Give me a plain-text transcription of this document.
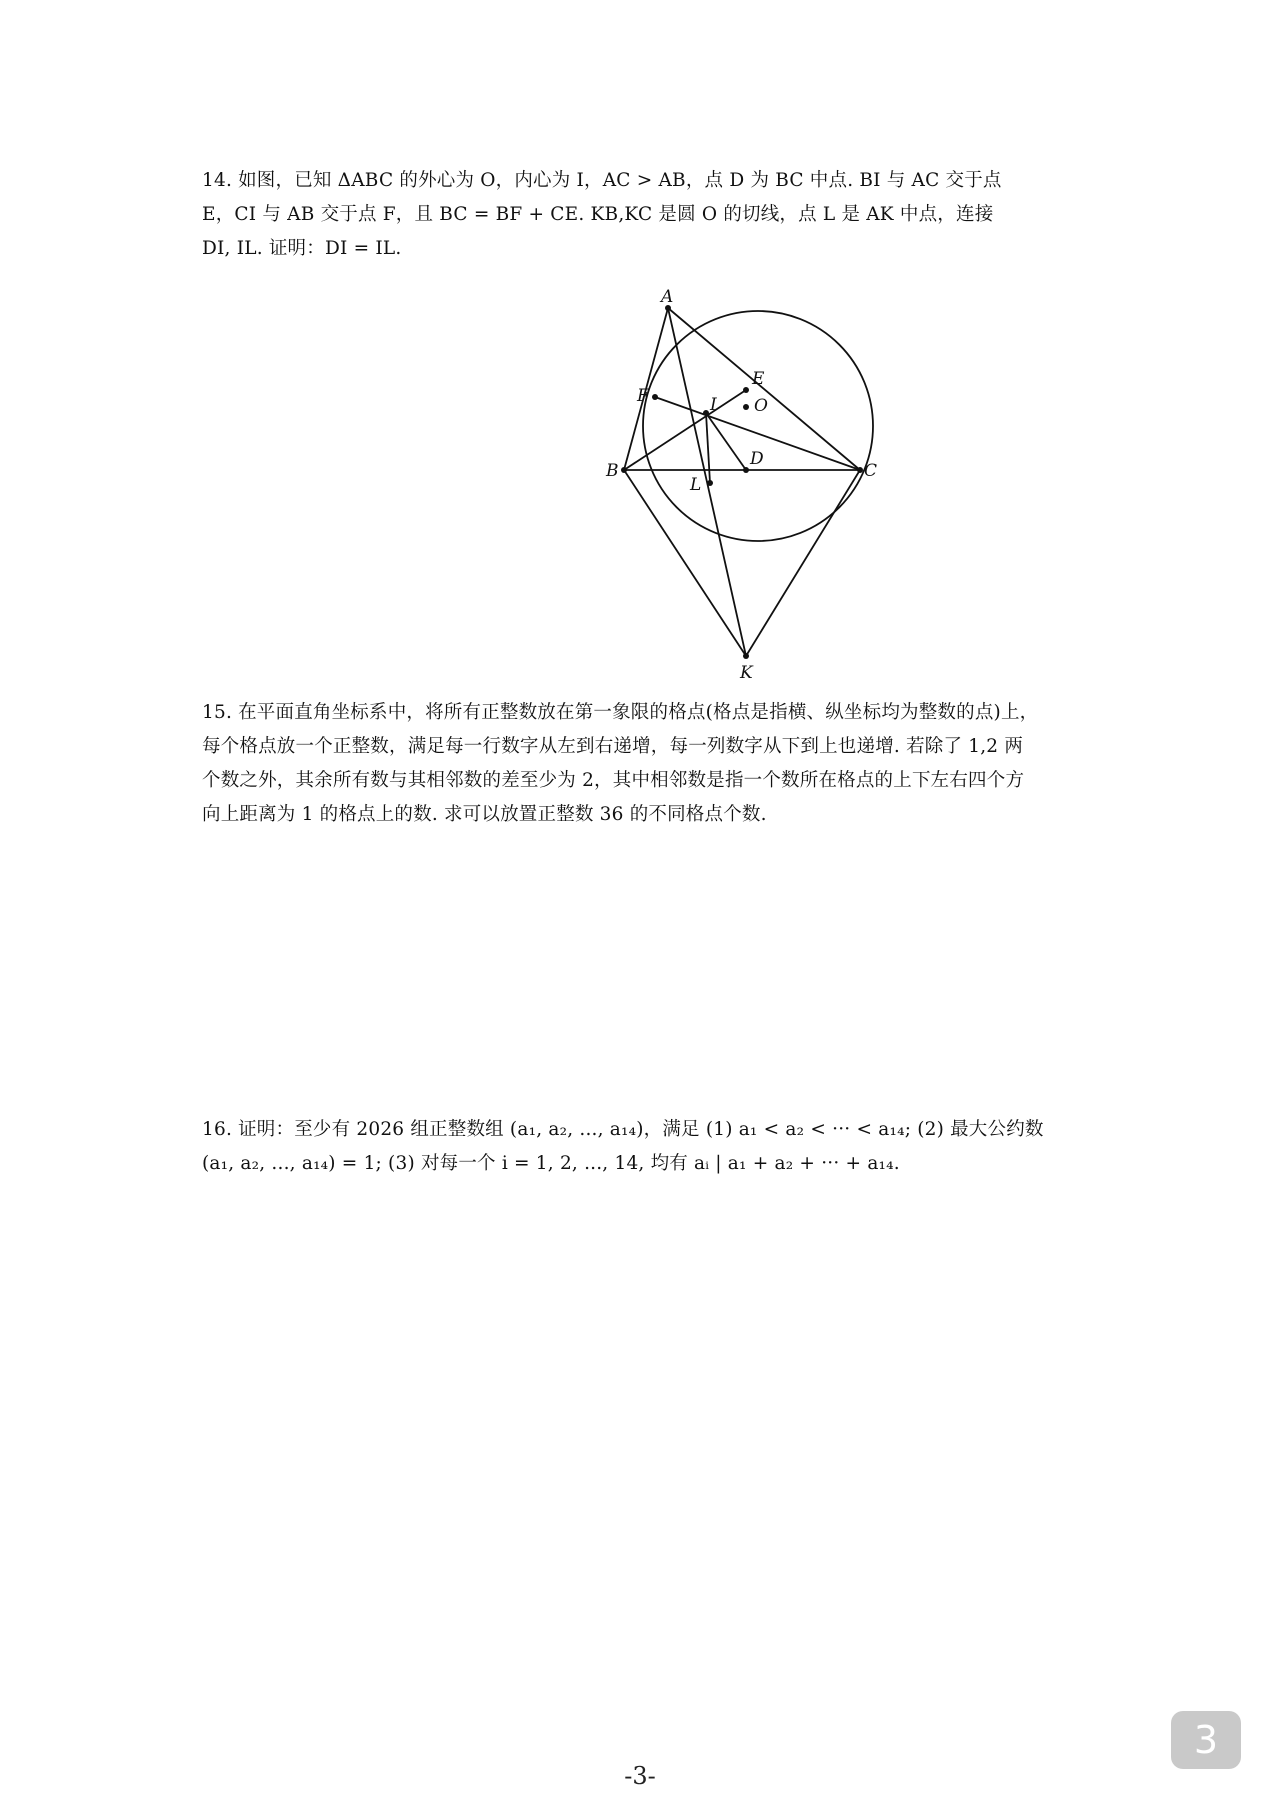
14. 如图，已知 ΔABC 的外心为 O，内心为 I，AC > AB，点 D 为 BC 中点. BI 与 AC 交于点
E，CI 与 AB 交于点 F，且 BC = BF + CE. KB,KC 是圆 O 的切线，点 L 是 AK 中点，连接
DI, IL. 证明：DI = IL.
A
B	C
D
E
F	I O
L
K
15. 在平面直角坐标系中，将所有正整数放在第一象限的格点(格点是指横、纵坐标均为整数的点)上，
每个格点放一个正整数，满足每一行数字从左到右递增，每一列数字从下到上也递增. 若除了 1,2 两
个数之外，其余所有数与其相邻数的差至少为 2，其中相邻数是指一个数所在格点的上下左右四个方
向上距离为 1 的格点上的数. 求可以放置正整数 36 的不同格点个数.
16. 证明：至少有 2026 组正整数组 (a₁, a₂, ..., a₁₄)，满足 (1) a₁ < a₂ < ··· < a₁₄; (2) 最大公约数
(a₁, a₂, ..., a₁₄) = 1; (3) 对每一个 i = 1, 2, ..., 14, 均有 aᵢ | a₁ + a₂ + ··· + a₁₄.
-3-
3
